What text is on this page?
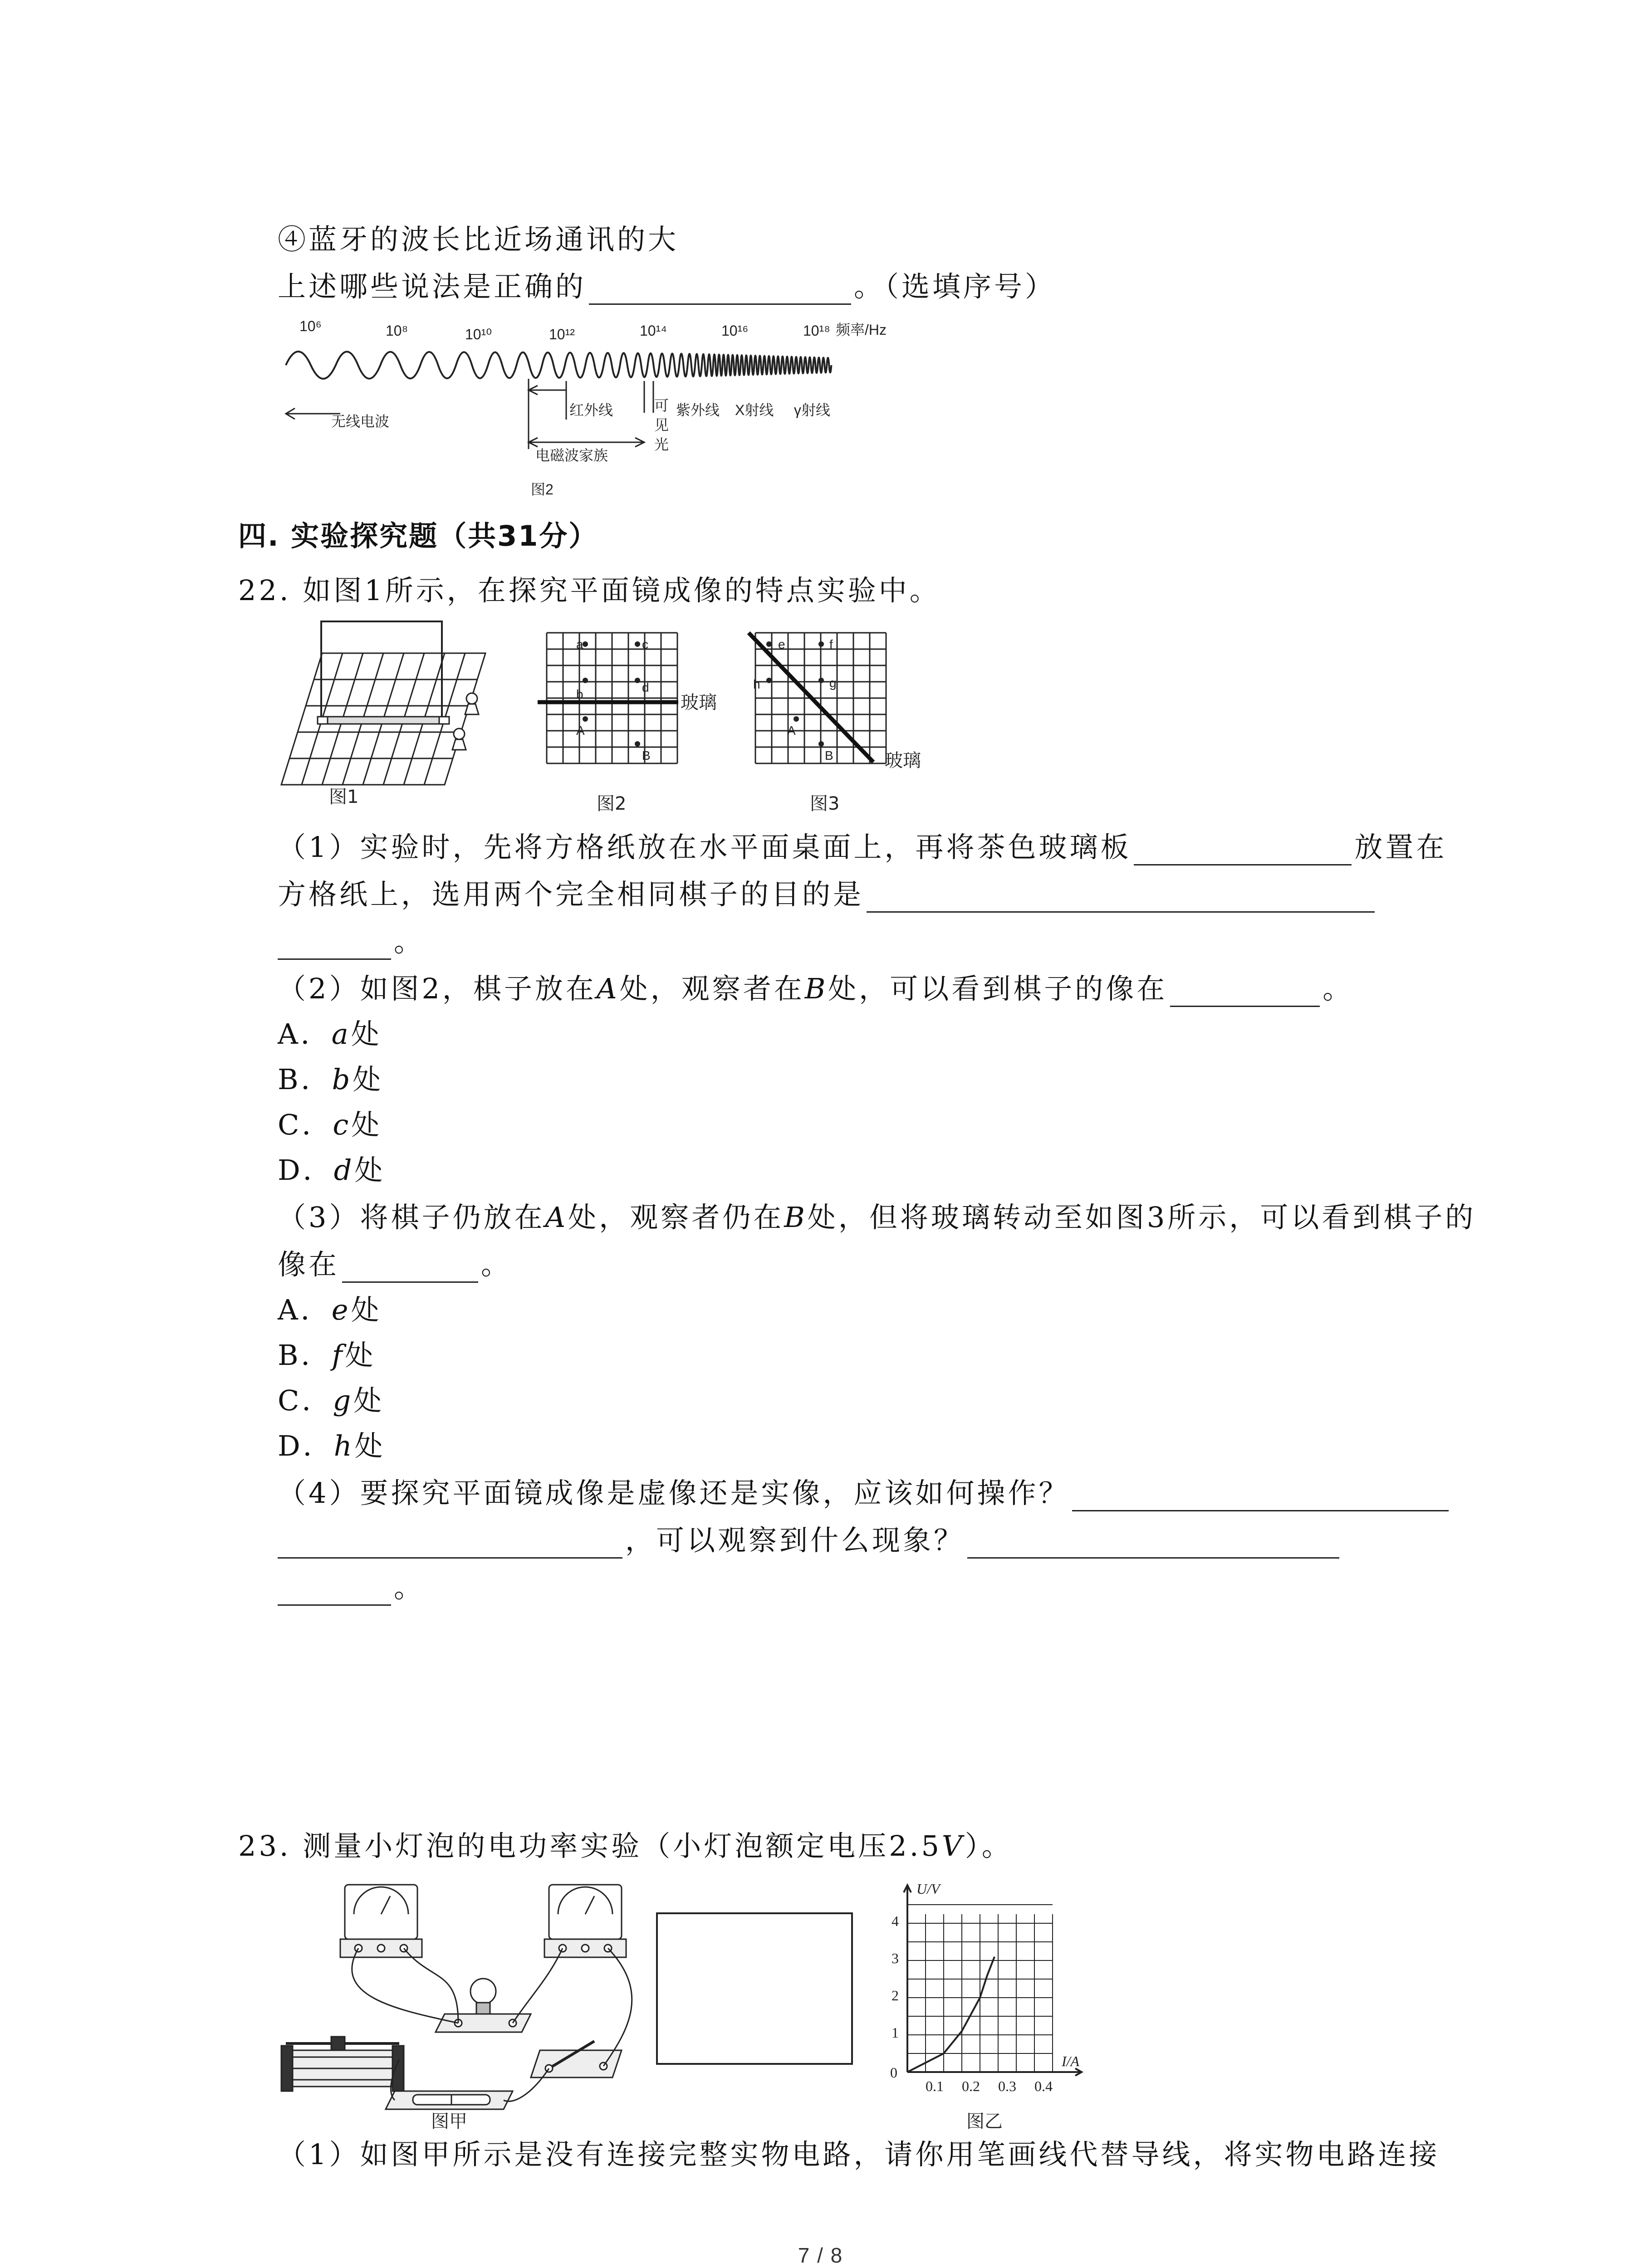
④蓝牙的波长比近场通讯的大
上述哪些说法是正确的	。（选填序号）
10⁶	10⁸	10¹⁰	10¹²	10¹⁴	10¹⁶	10¹⁸ 频率/Hz
无线电波
红外线	可
见
光
紫外线 X射线 γ射线
电磁波家族
图2
四. 实验探究题（共31分）
22. 如图1所示，在探究平面镜成像的特点实验中。
图1
a
b
c
d
A
B
玻璃
图2
e	f
g
h
A
B	玻璃
图3
（1）实验时，先将方格纸放在水平面桌面上，再将茶色玻璃板	放置在
方格纸上，选用两个完全相同棋子的目的是
。
（2）如图2，棋子放在A处，观察者在B处，可以看到棋子的像在	。
A．a处
B．b处
C．c处
D．d处
（3）将棋子仍放在A处，观察者仍在B处，但将玻璃转动至如图3所示，可以看到棋子的
像在	。
A．e处
B．f处
C．g处
D．h处
（4）要探究平面镜成像是虚像还是实像，应该如何操作？
，可以观察到什么现象？
。
23. 测量小灯泡的电功率实验（小灯泡额定电压2.5V）。
图甲
U/V
I/A
0
1
2
3
4
0.1 0.2 0.3 0.4
图乙
（1）如图甲所示是没有连接完整实物电路，请你用笔画线代替导线，将实物电路连接
7 / 8
